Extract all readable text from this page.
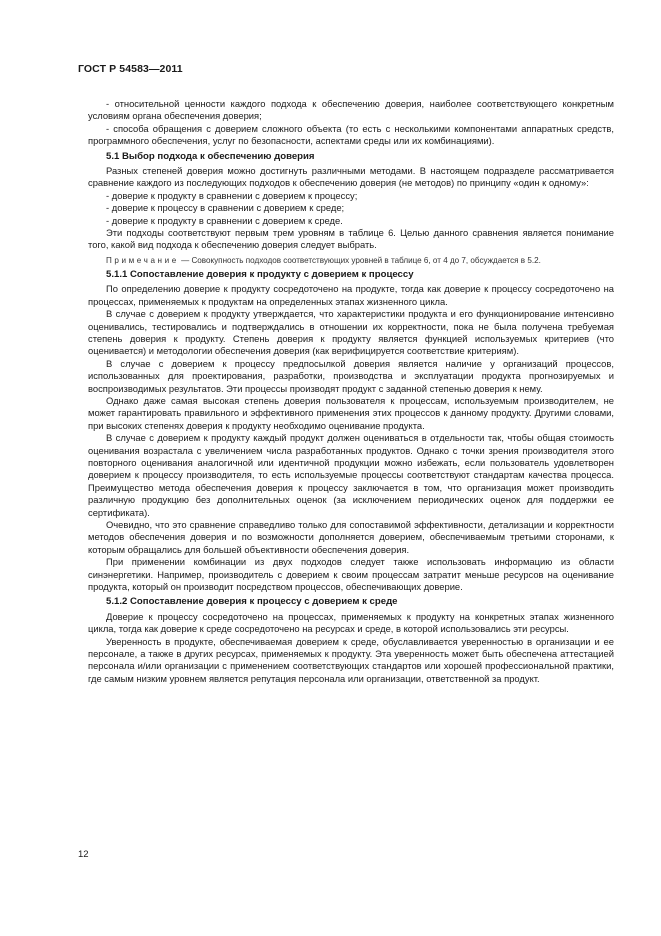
ГОСТ Р 54583—2011

- относительной ценности каждого подхода к обеспечению доверия, наиболее соответствующего конкретным условиям органа обеспечения доверия;

- способа обращения с доверием сложного объекта (то есть с несколькими компонентами аппаратных средств, программного обеспечения, услуг по безопасности, аспектами среды или их комбинациями).

5.1 Выбор подхода к обеспечению доверия

Разных степеней доверия можно достигнуть различными методами. В настоящем подразделе рассматривается сравнение каждого из последующих подходов к обеспечению доверия (не методов) по принципу «один к одному»:

- доверие к продукту в сравнении с доверием к процессу;

- доверие к процессу в сравнении с доверием к среде;

- доверие к продукту в сравнении с доверием к среде.

Эти подходы соответствуют первым трем уровням в таблице 6. Целью данного сравнения является понимание того, какой вид подхода к обеспечению доверия следует выбрать.

Примечание — Совокупность подходов соответствующих уровней в таблице 6, от 4 до 7, обсуждается в 5.2.

5.1.1 Сопоставление доверия к продукту с доверием к процессу

По определению доверие к продукту сосредоточено на продукте, тогда как доверие к процессу сосредоточено на процессах, применяемых к продуктам на определенных этапах жизненного цикла.

В случае с доверием к продукту утверждается, что характеристики продукта и его функционирование интенсивно оценивались, тестировались и подтверждались в отношении их корректности, пока не была получена требуемая степень доверия к продукту. Степень доверия к продукту является функцией используемых критериев (что оценивается) и методологии обеспечения доверия (как верифицируется соответствие критериям).

В случае с доверием к процессу предпосылкой доверия является наличие у организаций процессов, использованных для проектирования, разработки, производства и эксплуатации продукта прогнозируемых и воспроизводимых результатов. Эти процессы производят продукт с заданной степенью доверия к нему.

Однако даже самая высокая степень доверия пользователя к процессам, используемым производителем, не может гарантировать правильного и эффективного применения этих процессов к данному продукту. Другими словами, при высоких степенях доверия к продукту необходимо оценивание продукта.

В случае с доверием к продукту каждый продукт должен оцениваться в отдельности так, чтобы общая стоимость оценивания возрастала с увеличением числа разработанных продуктов. Однако с точки зрения производителя этого повторного оценивания аналогичной или идентичной продукции можно избежать, если пользователь удовлетворен доверием к процессу производителя, то есть используемые процессы соответствуют стандартам качества процесса. Преимущество метода обеспечения доверия к процессу заключается в том, что организация может производить различную продукцию без дополнительных оценок (за исключением периодических оценок для поддержки ее сертификата).

Очевидно, что это сравнение справедливо только для сопоставимой эффективности, детализации и корректности методов обеспечения доверия и по возможности дополняется доверием, обеспечиваемым третьими сторонами, к которым обращались для большей объективности обеспечения доверия.

При применении комбинации из двух подходов следует также использовать информацию из области синэнергетики. Например, производитель с доверием к своим процессам затратит меньше ресурсов на оценивание продукта, который он производит посредством процессов, обеспечивающих доверие.

5.1.2 Сопоставление доверия к процессу с доверием к среде

Доверие к процессу сосредоточено на процессах, применяемых к продукту на конкретных этапах жизненного цикла, тогда как доверие к среде сосредоточено на ресурсах и среде, в которой использовались эти ресурсы.

Уверенность в продукте, обеспечиваемая доверием к среде, обуславливается уверенностью в организации и ее персонале, а также в других ресурсах, применяемых к продукту. Эта уверенность может быть обеспечена аттестацией персонала и/или организации с применением соответствующих стандартов или хорошей профессиональной практики, где самым низким уровнем является репутация персонала или организации, ответственной за продукт.

12
